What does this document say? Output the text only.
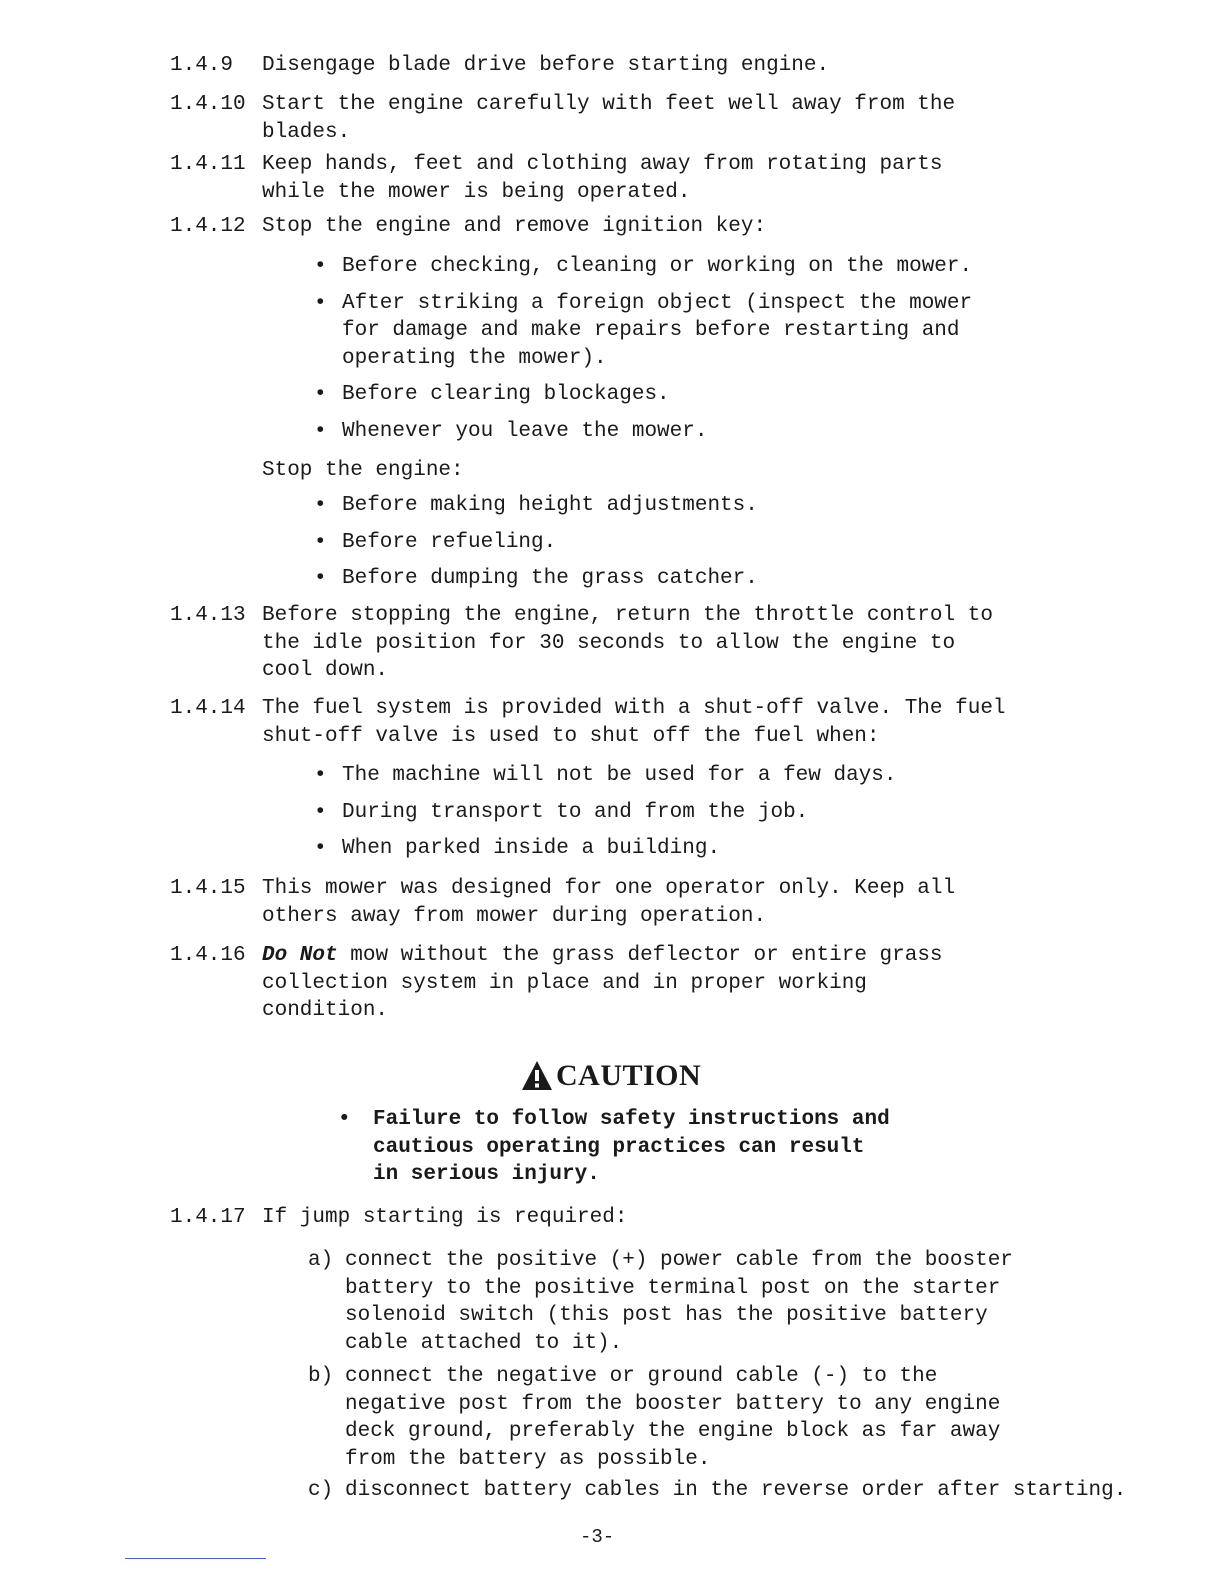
1.4.9	Disengage blade drive before starting engine.
1.4.10 Start the engine carefully with feet well away from the blades.
1.4.11 Keep hands, feet and clothing away from rotating parts while the mower is being operated.
1.4.12 Stop the engine and remove ignition key:
• Before checking, cleaning or working on the mower.
• After striking a foreign object (inspect the mower for damage and make repairs before restarting and operating the mower).
• Before clearing blockages.
• Whenever you leave the mower.
Stop the engine:
• Before making height adjustments.
• Before refueling.
• Before dumping the grass catcher.
1.4.13 Before stopping the engine, return the throttle control to the idle position for 30 seconds to allow the engine to cool down.
1.4.14 The fuel system is provided with a shut-off valve. The fuel shut-off valve is used to shut off the fuel when:
• The machine will not be used for a few days.
• During transport to and from the job.
• When parked inside a building.
1.4.15 This mower was designed for one operator only. Keep all others away from mower during operation.
1.4.16 Do Not mow without the grass deflector or entire grass collection system in place and in proper working condition.
CAUTION
• Failure to follow safety instructions and cautious operating practices can result in serious injury.
1.4.17 If jump starting is required:
a) connect the positive (+) power cable from the booster battery to the positive terminal post on the starter solenoid switch (this post has the positive battery cable attached to it).
b) connect the negative or ground cable (-) to the negative post from the booster battery to any engine deck ground, preferably the engine block as far away from the battery as possible.
c) disconnect battery cables in the reverse order after starting.
-3-
